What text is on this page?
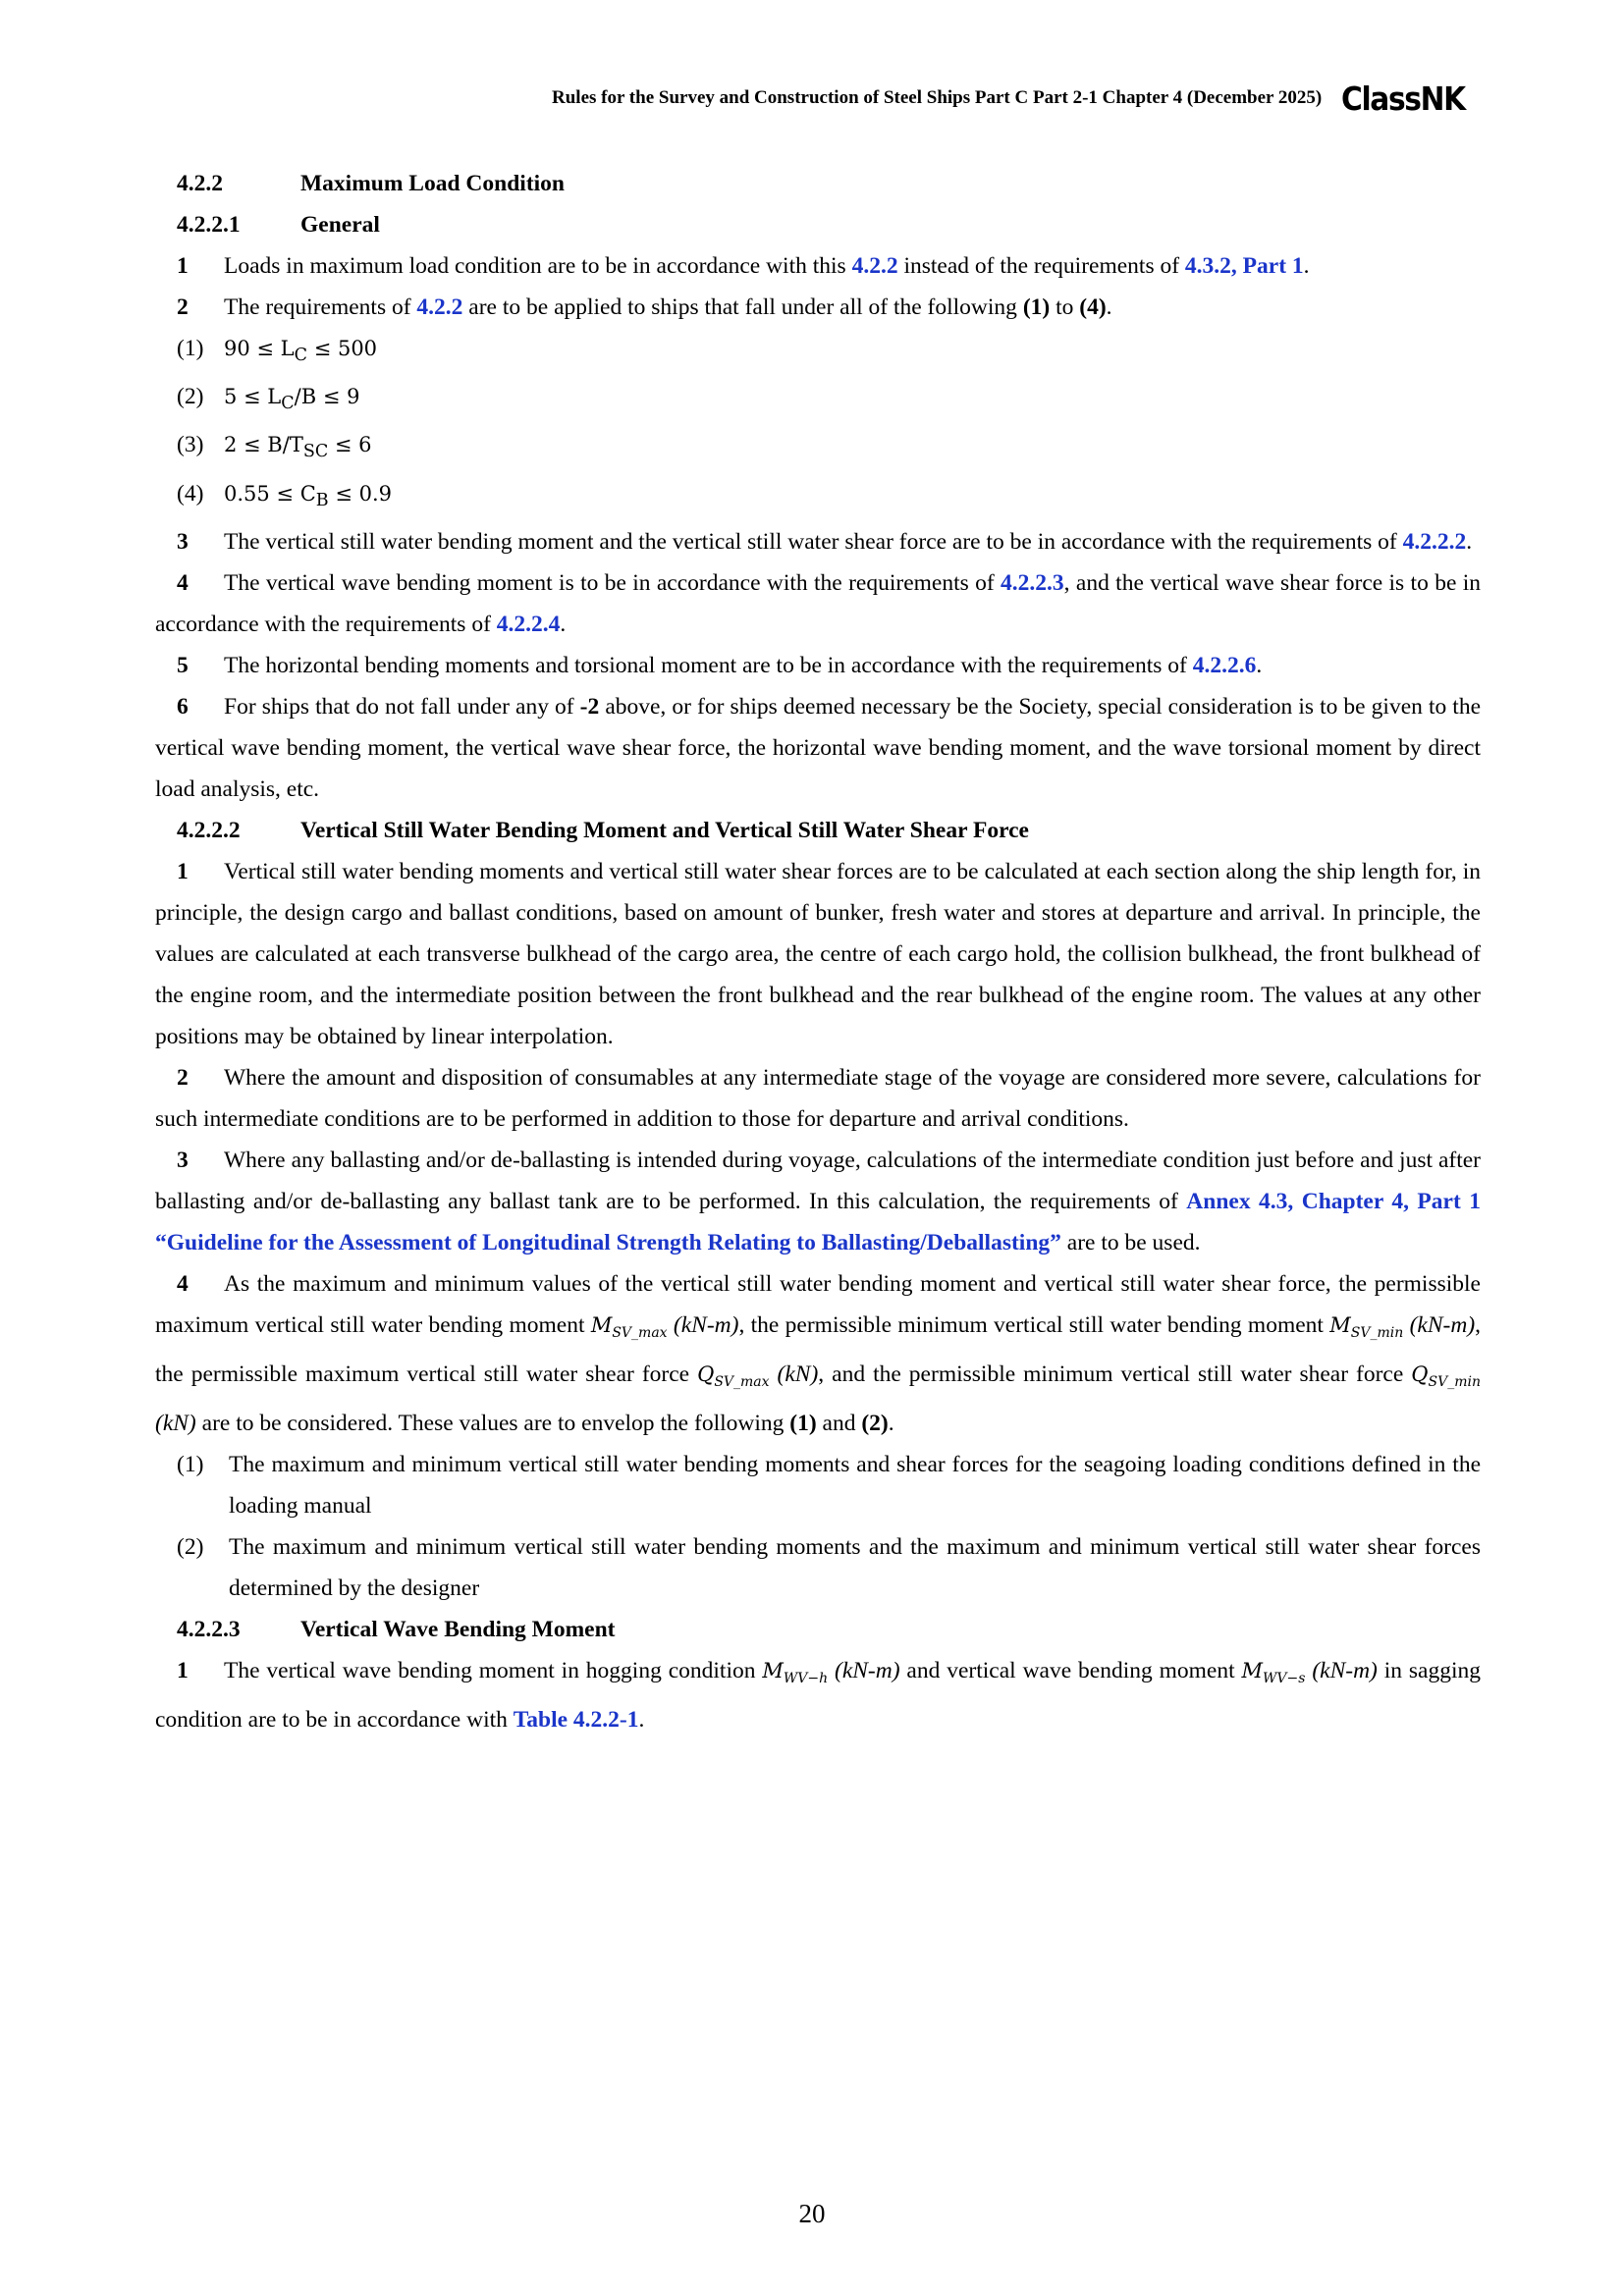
Rules for the Survey and Construction of Steel Ships Part C Part 2-1 Chapter 4 (December 2025) ClassNK

4.2.2	Maximum Load Condition

4.2.2.1	General

1 Loads in maximum load condition are to be in accordance with this 4.2.2 instead of the requirements of 4.3.2, Part 1.

2 The requirements of 4.2.2 are to be applied to ships that fall under all of the following (1) to (4).

(1) $90 \le L_C \le 500$

(2) $5 \le L_C/B \le 9$

(3) $2 \le B/T_{SC} \le 6$

(4) $0.55 \le C_B \le 0.9$

3 The vertical still water bending moment and the vertical still water shear force are to be in accordance with the requirements of 4.2.2.2.

4 The vertical wave bending moment is to be in accordance with the requirements of 4.2.2.3, and the vertical wave shear force is to be in accordance with the requirements of 4.2.2.4.

5 The horizontal bending moments and torsional moment are to be in accordance with the requirements of 4.2.2.6.

6 For ships that do not fall under any of -2 above, or for ships deemed necessary be the Society, special consideration is to be given to the vertical wave bending moment, the vertical wave shear force, the horizontal wave bending moment, and the wave torsional moment by direct load analysis, etc.

4.2.2.2	Vertical Still Water Bending Moment and Vertical Still Water Shear Force

1 Vertical still water bending moments and vertical still water shear forces are to be calculated at each section along the ship length for, in principle, the design cargo and ballast conditions, based on amount of bunker, fresh water and stores at departure and arrival. In principle, the values are calculated at each transverse bulkhead of the cargo area, the centre of each cargo hold, the collision bulkhead, the front bulkhead of the engine room, and the intermediate position between the front bulkhead and the rear bulkhead of the engine room. The values at any other positions may be obtained by linear interpolation.

2 Where the amount and disposition of consumables at any intermediate stage of the voyage are considered more severe, calculations for such intermediate conditions are to be performed in addition to those for departure and arrival conditions.

3 Where any ballasting and/or de-ballasting is intended during voyage, calculations of the intermediate condition just before and just after ballasting and/or de-ballasting any ballast tank are to be performed. In this calculation, the requirements of Annex 4.3, Chapter 4, Part 1 “Guideline for the Assessment of Longitudinal Strength Relating to Ballasting/Deballasting” are to be used.

4 As the maximum and minimum values of the vertical still water bending moment and vertical still water shear force, the permissible maximum vertical still water bending moment $M_{SV\_max}$ (kN-m), the permissible minimum vertical still water bending moment $M_{SV\_min}$ (kN-m), the permissible maximum vertical still water shear force $Q_{SV\_max}$ (kN), and the permissible minimum vertical still water shear force $Q_{SV\_min}$ (kN) are to be considered. These values are to envelop the following (1) and (2).

(1) The maximum and minimum vertical still water bending moments and shear forces for the seagoing loading conditions defined in the loading manual

(2) The maximum and minimum vertical still water bending moments and the maximum and minimum vertical still water shear forces determined by the designer

4.2.2.3	Vertical Wave Bending Moment

1 The vertical wave bending moment in hogging condition $M_{WV-h}$ (kN-m) and vertical wave bending moment $M_{WV-s}$ (kN-m) in sagging condition are to be in accordance with Table 4.2.2-1.

20
